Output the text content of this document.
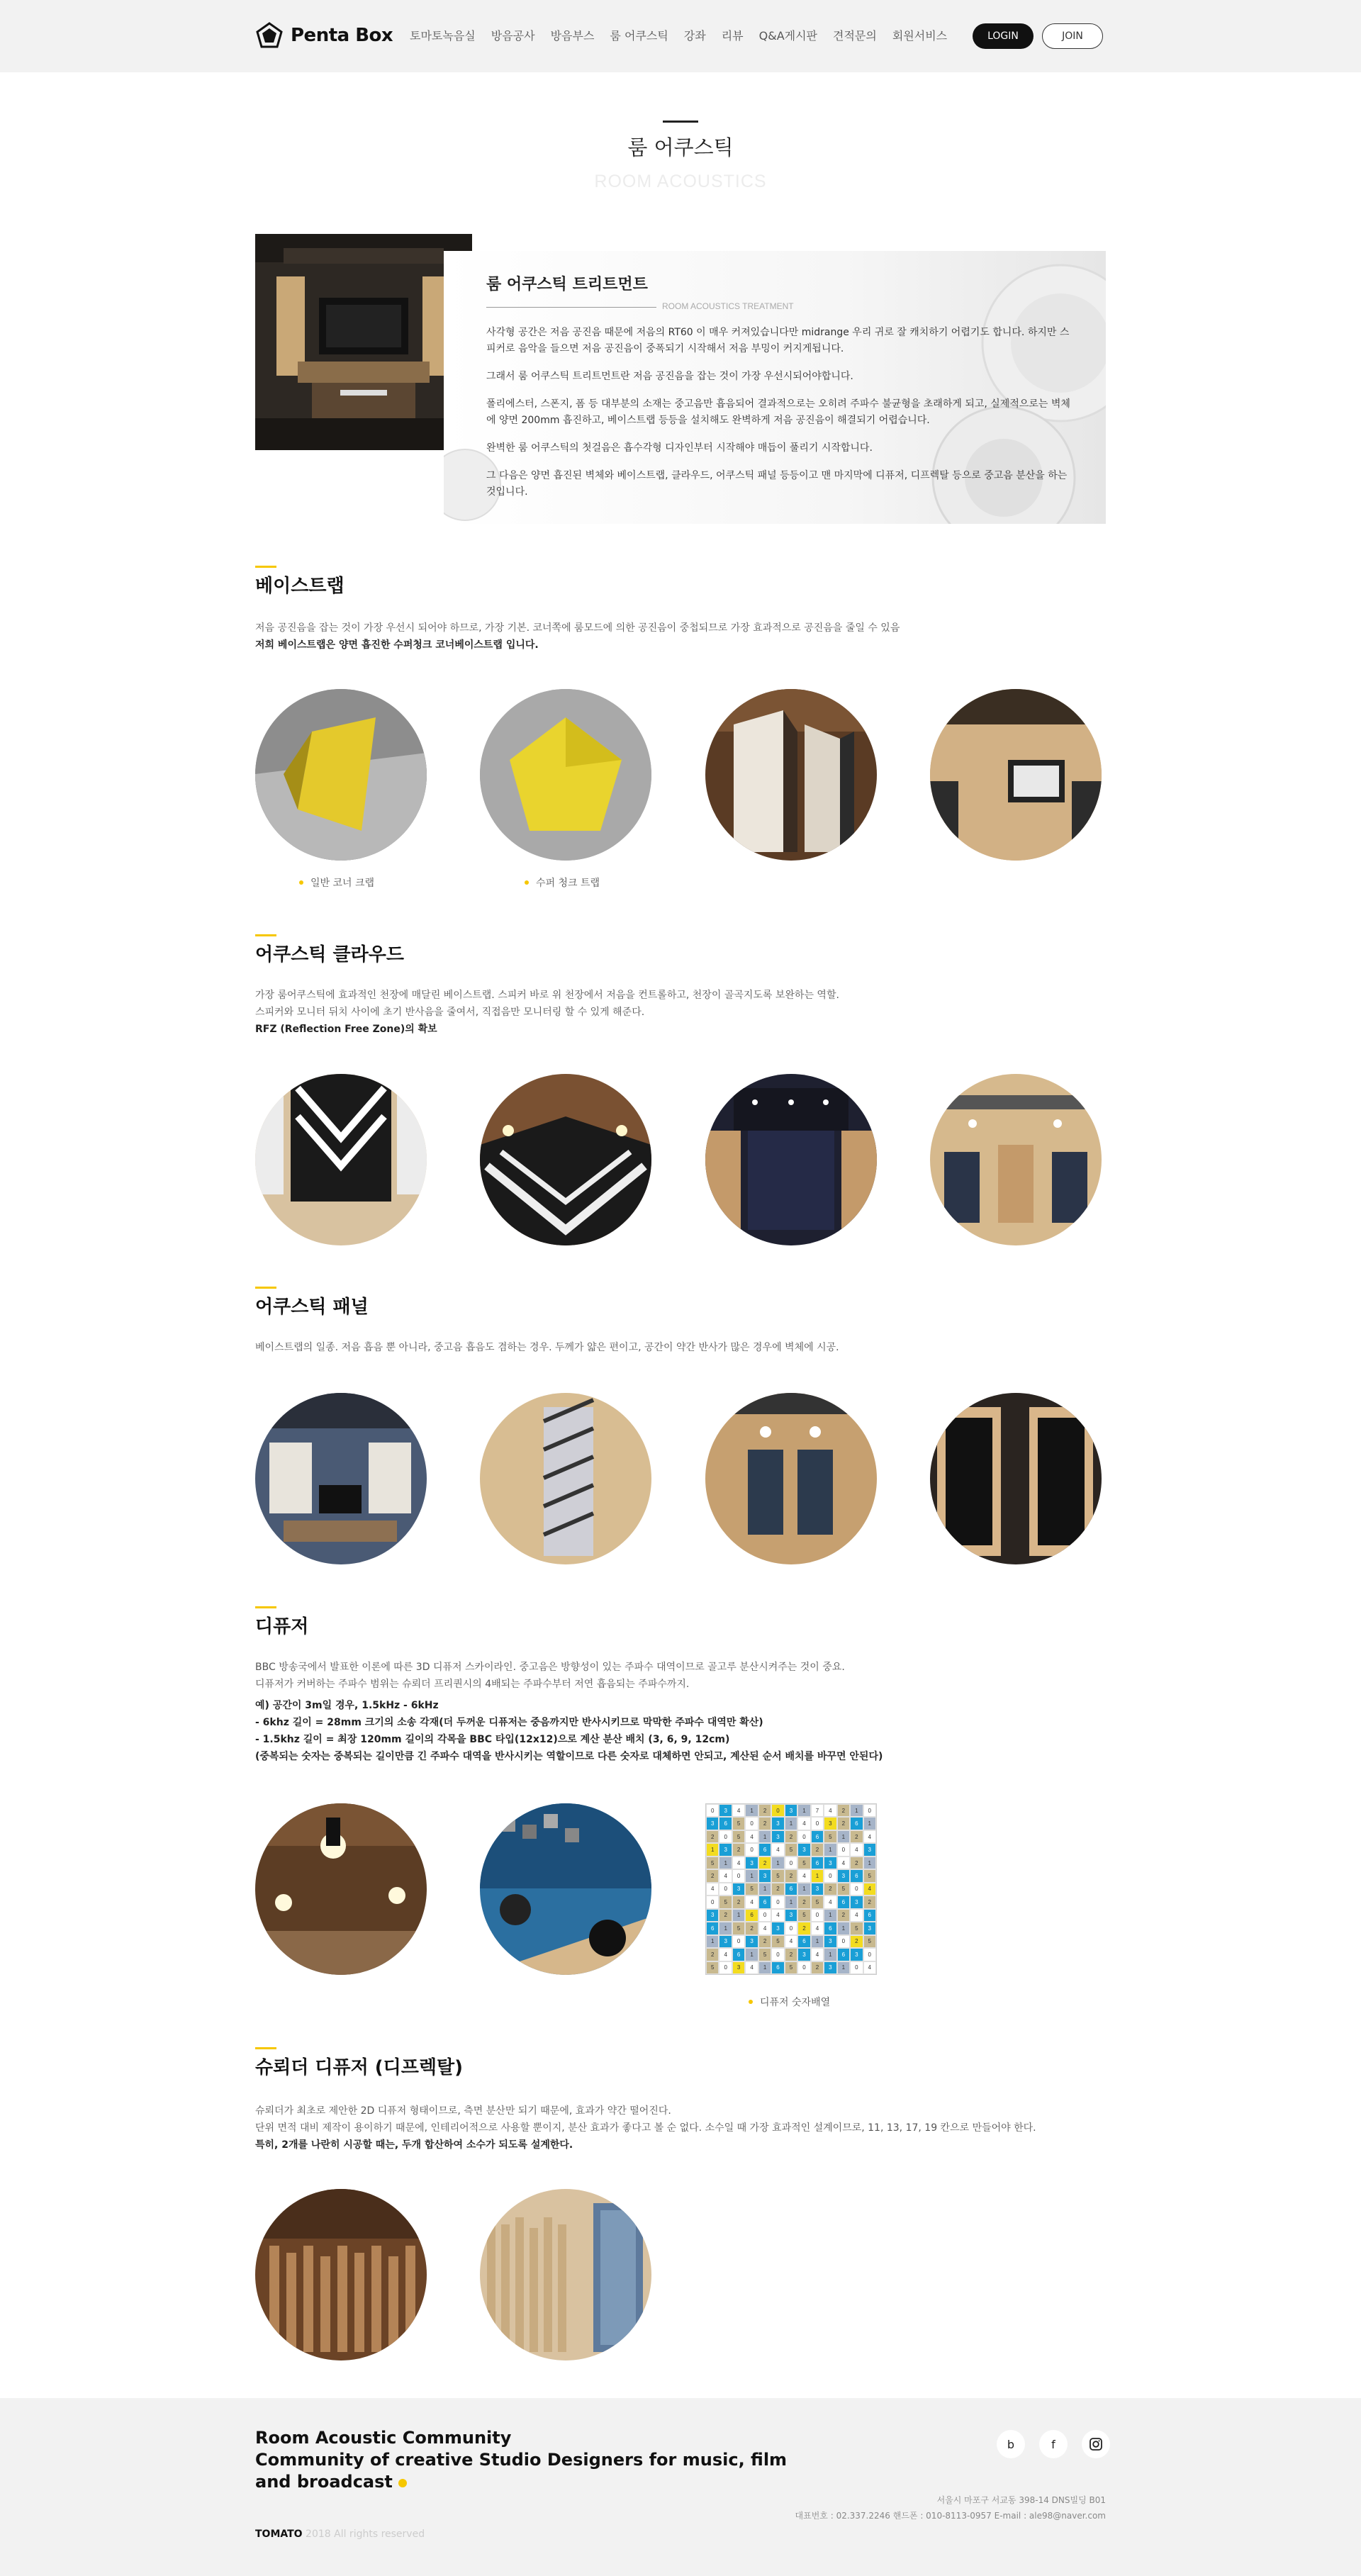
Penta Box 토마토녹음실 방음공사 방음부스 룸 어쿠스틱 강좌 리뷰 Q&A게시판 견적문의 회원서비스	LOGIN	JOIN
룸 어쿠스틱
ROOM ACOUSTICS
룸 어쿠스틱 트리트먼트
ROOM ACOUSTICS TREATMENT

사각형 공간은 저음 공진음 때문에 저음의 RT60 이 매우 커져있습니다만 midrange 우리 귀로 잘 캐치하기 어렵기도 합니다. 하지만 스피커로 음악을 들으면 저음 공진음이 중폭되기 시작해서 저음 부밍이 커지게됩니다.

그래서 룸 어쿠스틱 트리트먼트란 저음 공진음을 잡는 것이 가장 우선시되어야합니다.

폴리에스터, 스폰지, 폼 등 대부분의 소재는 중고음만 흡음되어 결과적으로는 오히려 주파수 불균형을 초래하게 되고, 실제적으로는 벽체에 양면 200mm 흡진하고, 베이스트랩 등등을 설치해도 완벽하게 저음 공진음이 해결되기 어렵습니다.

완벽한 룸 어쿠스틱의 첫걸음은 흡수각형 디자인부터 시작해야 매듭이 풀리기 시작합니다.

그 다음은 양면 흡진된 벽체와 베이스트랩, 클라우드, 어쿠스틱 패널 등등이고 맨 마지막에 디퓨저, 디프렉탈 등으로 중고음 분산을 하는 것입니다.

베이스트랩
저음 공진음을 잡는 것이 가장 우선시 되어야 하므로, 가장 기본. 코너쪽에 룸모드에 의한 공진음이 중첩되므로 가장 효과적으로 공진음을 줄일 수 있음
저희 베이스트랩은 양면 흡진한 수퍼청크 코너베이스트랩 입니다.
일반 코너 크랩	수퍼 청크 트랩
어쿠스틱 클라우드
가장 룸어쿠스틱에 효과적인 천장에 매달린 베이스트랩. 스피커 바로 위 천장에서 저음을 컨트롤하고, 천장이 골곡지도록 보완하는 역할.
스피커와 모니터 뒤치 사이에 초기 반사음을 줄여서, 직접음만 모니터링 할 수 있게 해준다.
RFZ (Reflection Free Zone)의 확보
어쿠스틱 패널
베이스트랩의 일종. 저음 흡음 뿐 아니라, 중고음 흡음도 겸하는 경우. 두께가 얇은 편이고, 공간이 약간 반사가 많은 경우에 벽체에 시공.
디퓨저
BBC 방송국에서 발표한 이론에 따른 3D 디퓨저 스카이라인. 중고음은 방향성이 있는 주파수 대역이므로 골고루 분산시켜주는 것이 중요.
디퓨저가 커버하는 주파수 범위는 슈뢰더 프리퀀시의 4배되는 주파수부터 저연 흡음되는 주파수까지.
예) 공간이 3m일 경우, 1.5kHz - 6kHz
- 6khz 길이 = 28mm 크기의 소송 각재(더 두꺼운 디퓨저는 중음까지만 반사시키므로 막막한 주파수 대역만 확산)
- 1.5khz 길이 = 최장 120mm 길이의 각목을 BBC 타입(12x12)으로 계산 분산 배치 (3, 6, 9, 12cm)
(중복되는 숫자는 중복되는 길이만큼 긴 주파수 대역을 반사시키는 역할이므로 다른 숫자로 대체하면 안되고, 계산된 순서 배치를 바꾸면 안된다)
0	3	4	1	2	0	3	1	7	4	2	1	0
3	6	5	0	2	3	1	4	0	3	2	6	1
2	0	5	4	1	3	2	0	6	5	1	2	4
1	3	2	0	6	4	5	3	2	1	0	4	3
5	1	4	3	2	1	0	5	6	3	4	2	1
2	4	0	1	3	5	2	4	1	0	3	6	5
4	0	3	5	1	2	6	1	3	2	5	0	4
0	5	2	4	6	0	1	2	5	4	6	3	2
3	2	1	6	0	4	3	5	0	1	2	4	6
6	1	5	2	4	3	0	2	4	6	1	5	3
1	3	0	3	2	5	4	6	1	3	0	2	5
2	4	6	1	5	0	2	3	4	1	6	3	0
5	0	3	4	1	6	5	0	2	3	1	0	4
디퓨저 숫자배열
슈뢰더 디퓨저 (디프렉탈)
슈뢰더가 최초로 제안한 2D 디퓨저 형태이므로, 측면 분산만 되기 때문에, 효과가 약간 떨어진다.
단위 면적 대비 제작이 용이하기 때문에, 인테리어적으로 사용할 뿐이지, 분산 효과가 좋다고 볼 순 없다. 소수일 때 가장 효과적인 설계이므로, 11, 13, 17, 19 칸으로 만들어야 한다.
특히, 2개를 나란히 시공할 때는, 두개 합산하여 소수가 되도록 설계한다.
Room Acoustic Community
Community of creative Studio Designers for music, film and broadcast
b	f
서울시 마포구 서교동 398-14 DNS빌딩 B01
대표번호 : 02.337.2246 핸드폰 : 010-8113-0957 E-mail : ale98@naver.com
TOMATO 2018 All rights reserved
